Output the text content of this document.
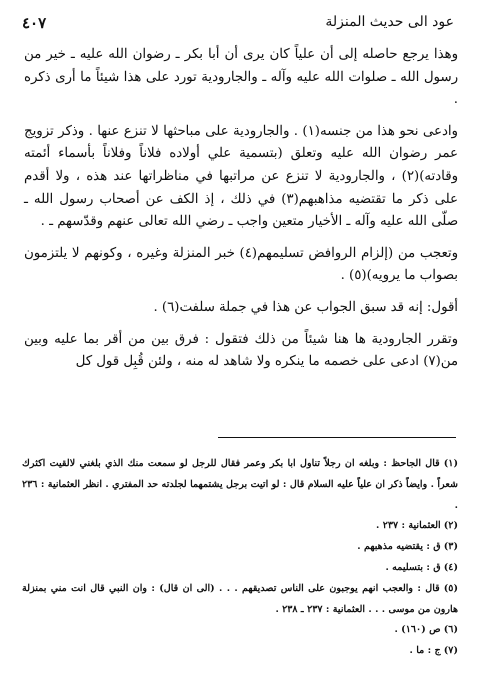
عود الى حديث المنزلة
٤٠٧

وهذا يرجع حاصله إلى أن علياً كان يرى أن أبا بكر ـ رضوان الله عليه ـ خير من رسول الله ـ صلوات الله عليه وآله ـ والجارودية تورد على هذا شيئاً ما أرى ذكره .

وادعى نحو هذا من جنسه(١) . والجارودية على مباحثها لا تنزع عنها . وذكر تزويج عمر رضوان الله عليه وتعلق (بتسمية علي أولاده فلاناً وفلاناً بأسماء أئمته وقادته)(٢) ، والجارودية لا تنزع عن مراتبها في مناظراتها عند هذه ، ولا أقدم على ذكر ما تقتضيه مذاهبهم(٣) في ذلك ، إذ الكف عن أصحاب رسول الله ـ صلّى الله عليه وآله ـ الأخيار متعين واجب ـ رضي الله تعالى عنهم وقدّسهم ـ .

وتعجب من (إلزام الروافض تسليمهم(٤) خبر المنزلة وغيره ، وكونهم لا يلتزمون بصواب ما يرويه)(٥) .

أقول: إنه قد سبق الجواب عن هذا في جملة سلفت(٦) .

وتقرر الجارودية ها هنا شيئاً من ذلك فتقول : فرق بين من أقر بما عليه وبين من(٧) ادعى على خصمه ما ينكره ولا شاهد له منه ، ولئن قُبِل قول كل

(١) قال الجاحظ : وبلغه ان رجلاً تناول ابا بكر وعمر فقال للرجل لو سمعت منك الذي بلغني لالقيت اكثرك شعراً . وايضاً ذكر ان علياً عليه السلام قال : لو اتيت برجل يشتمهما لجلدته حد المفتري . انظر العثمانية : ٢٣٦ .

(٢) العثمانية : ٢٣٧ .

(٣) ق : يقتضيه مذهبهم .

(٤) ق : بتسليمه .

(٥) قال : والعجب انهم يوجبون على الناس تصديقهم . . . (الى ان قال) : وان النبي قال انت مني بمنزلة هارون من موسى . . . العثمانية : ٢٣٧ ـ ٢٣٨ .

(٦) ص (١٦٠) .

(٧) ج : ما .
